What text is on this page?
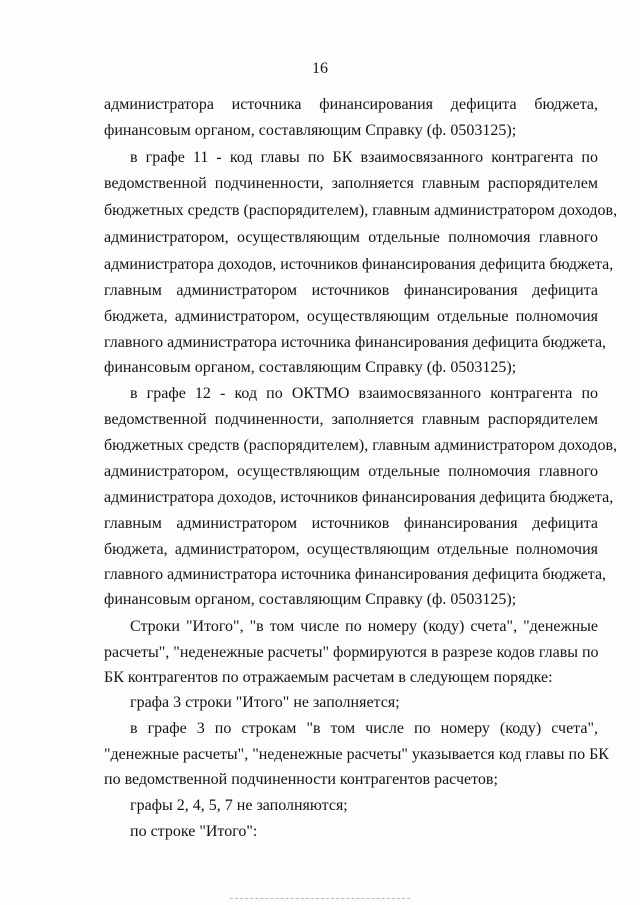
16
администратора источника финансирования дефицита бюджета,
финансовым органом, составляющим Справку (ф. 0503125);
в графе 11 - код главы по БК взаимосвязанного контрагента по
ведомственной подчиненности, заполняется главным распорядителем
бюджетных средств (распорядителем), главным администратором доходов,
администратором, осуществляющим отдельные полномочия главного
администратора доходов, источников финансирования дефицита бюджета,
главным администратором источников финансирования дефицита
бюджета, администратором, осуществляющим отдельные полномочия
главного администратора источника финансирования дефицита бюджета,
финансовым органом, составляющим Справку (ф. 0503125);
в графе 12 - код по ОКТМО взаимосвязанного контрагента по
ведомственной подчиненности, заполняется главным распорядителем
бюджетных средств (распорядителем), главным администратором доходов,
администратором, осуществляющим отдельные полномочия главного
администратора доходов, источников финансирования дефицита бюджета,
главным администратором источников финансирования дефицита
бюджета, администратором, осуществляющим отдельные полномочия
главного администратора источника финансирования дефицита бюджета,
финансовым органом, составляющим Справку (ф. 0503125);
Строки "Итого", "в том числе по номеру (коду) счета", "денежные
расчеты", "неденежные расчеты" формируются в разрезе кодов главы по
БК контрагентов по отражаемым расчетам в следующем порядке:
графа 3 строки "Итого" не заполняется;
в графе 3 по строкам "в том числе по номеру (коду) счета",
"денежные расчеты", "неденежные расчеты" указывается код главы по БК
по ведомственной подчиненности контрагентов расчетов;
графы 2, 4, 5, 7 не заполняются;
по строке "Итого":
